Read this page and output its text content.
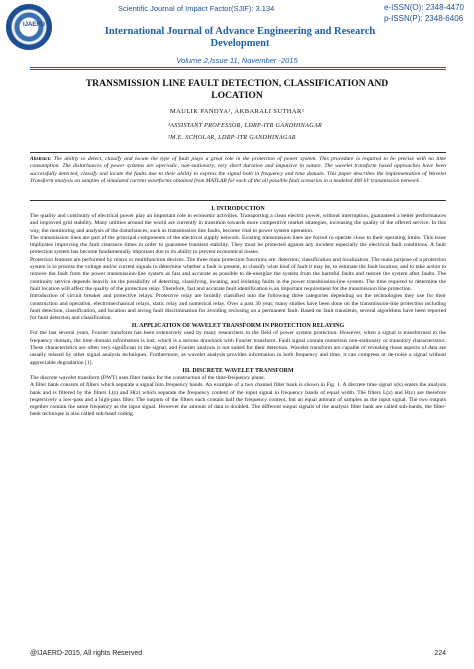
IJAERD
Scientific Journal of Impact Factor(SJIF): 3.134	e-ISSN(O): 2348-4470
p-ISSN(P): 2348-6406
International Journal of Advance Engineering and Research
Development
Volume 2,Issue 11, November -2015
TRANSMISSION LINE FAULT DETECTION, CLASSIFICATION AND LOCATION
MAULIK PANDYA¹, AKBARALI SUTHAR²
¹ASSISTANT PROFESSOR, LDRP-ITR GANDHINAGAR
²M.E. SCHOLAR, LDRP-ITR GANDHINAGAR
Abstract: The ability to detect, classify and locate the type of fault plays a great role in the protection of power system. This procedure is required to be precise with no time consumption. The disturbances of power systems are aperiodic, non-stationary, very short duration and impulsive in nature. The wavelet transform based approaches have been successfully detected, classify and locate the faults due to their ability to express the signal both in frequency and time domain. This paper describes the implementation of Wavelet Transform analysis on samples of simulated current waveforms obtained from MATLAB for each of the all possible fault scenarios in a modeled 400 kV transmission network.

I. INTRODUCTION

The quality and continuity of electrical power play an important role in economic activities. Transporting a clean electric power, without interruption, guaranteed a better performances and improved grid stability. Many utilities around the world are currently in transition towards more competitive market strategies, increasing the quality of the offered service. In this way, the monitoring and analysis of the disturbances, such as transmission line faults, become vital to power system operation.

The transmission lines are part of the principal components of the electrical supply network. Existing transmission lines are forced to operate close to their operating limits. This issue implicates improving the fault clearance times in order to guarantee transient stability. They must be protected against any incident especially the electrical fault conditions. A fault protection system has become fundamentally important due to its ability to prevent economical losses.

Protection features are performed by relays or multifunction devices. The three main protection functions are: detection, classification and localization. The main purpose of a protection system is to process the voltage and/or current signals to determine whether a fault is present, to classify what kind of fault it may be, to estimate the fault location, and to take action to remove the fault from the power transmission-line system as fast and accurate as possible to de-energize the system from the harmful faults and restore the system after faults. The continuity service depends heavily on the possibility of detecting, classifying, locating, and isolating faults in the power transmission-line system. The time required to determine the fault location will affect the quality of the protection relay. Therefore, fast and accurate fault identification is an important requirement for the transmission line protection.

Introduction of circuit breaker and protective relays. Protective relay are broadly classified into the following three categories depending on the technologies they use for their construction and operation, electromechanical relays, static relay and numerical relay. Over a past 30 year, many studies have been done on the transmission-line protection including fault detection, classification, and location and arcing fault discrimination for avoiding reclosing on a permanent fault. Based on fault transients, several algorithms have been reported for fault detection and classification.

II. APPLICATION OF WAVELET TRANSFORM IN PROTECTION RELAYING

For the last several years, Fourier transform has been extensively used by many researchers in the field of power system protection. However, when a signal is transformed to the frequency domain, the time domain information is lost, which is a serious drawback with Fourier transform. Fault signal contain numerous non-stationary or transitory characteristics. These characteristics are often very significant in the signal, and Fourier analysis is not suited for their detection. Wavelet transform are capable of revealing those aspects of data are usually missed by other signal analysis techniques. Furthermore, as wavelet analysis provides information in both frequency and time, it can compress or de-noise a signal without appreciable degradation [1].

III. DISCRETE WAVELET TRANSFORM

The discrete wavelet transform (DWT) uses filter banks for the construction of the time-frequency plane.

A filter bank consists of filters which separate a signal into frequency bands. An example of a two channel filter bank is shown in Fig. 1. A discrete time signal x(k) enters the analysis bank and is filtered by the filters L(z) and H(z) which separate the frequency content of the input signal in frequency bands of equal width. The filters L(z) and H(z) are therefore respectively a low-pass and a high-pass filter. The outputs of the filters each contain half the frequency content, but an equal amount of samples as the input signal. The two outputs together contain the same frequency as the input signal. However the amount of data is doubled. The different output signals of the analysis filter bank are called sub-bands, the filter-bank technique is also called sub-band coding.

@IJAERD-2015, All rights Reserved	224
